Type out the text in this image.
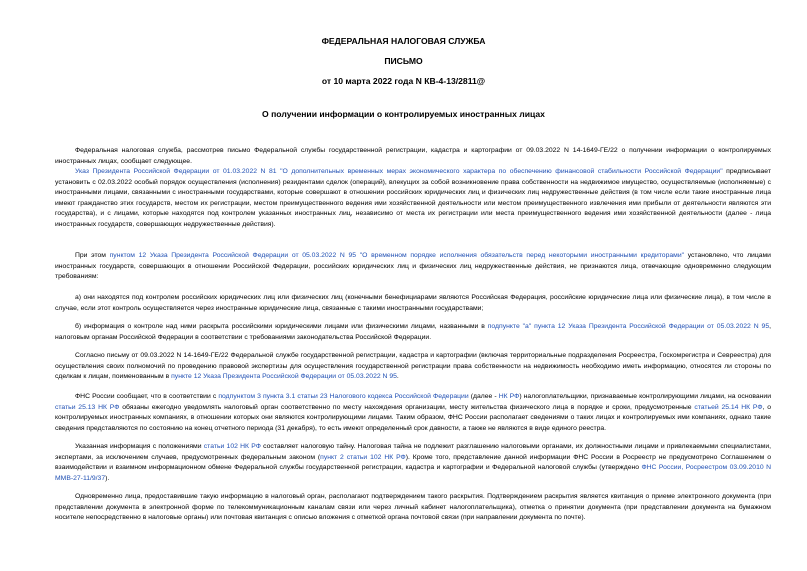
ФЕДЕРАЛЬНАЯ НАЛОГОВАЯ СЛУЖБА
ПИСЬМО
от 10 марта 2022 года N КВ-4-13/2811@
О получении информации о контролируемых иностранных лицах
Федеральная налоговая служба, рассмотрев письмо Федеральной службы государственной регистрации, кадастра и картографии от 09.03.2022 N 14-1649-ГЕ/22 о получении информации о контролируемых иностранных лицах, сообщает следующее.
Указ Президента Российской Федерации от 01.03.2022 N 81 "О дополнительных временных мерах экономического характера по обеспечению финансовой стабильности Российской Федерации" предписывает установить с 02.03.2022 особый порядок осуществления (исполнения) резидентами сделок (операций), влекущих за собой возникновение права собственности на недвижимое имущество, осуществляемые (исполняемые) с иностранными лицами, связанными с иностранными государствами, которые совершают в отношении российских юридических лиц и физических лиц недружественные действия (в том числе если такие иностранные лица имеют гражданство этих государств, местом их регистрации, местом преимущественного ведения ими хозяйственной деятельности или местом преимущественного извлечения ими прибыли от деятельности являются эти государства), и с лицами, которые находятся под контролем указанных иностранных лиц, независимо от места их регистрации или места преимущественного ведения ими хозяйственной деятельности (далее - лица иностранных государств, совершающих недружественные действия).
При этом пунктом 12 Указа Президента Российской Федерации от 05.03.2022 N 95 "О временном порядке исполнения обязательств перед некоторыми иностранными кредиторами" установлено, что лицами иностранных государств, совершающих в отношении Российской Федерации, российских юридических лиц и физических лиц недружественные действия, не признаются лица, отвечающие одновременно следующим требованиям:
а) они находятся под контролем российских юридических лиц или физических лиц (конечными бенефициарами являются Российская Федерация, российские юридические лица или физические лица), в том числе в случае, если этот контроль осуществляется через иностранные юридические лица, связанные с такими иностранными государствами;
б) информация о контроле над ними раскрыта российскими юридическими лицами или физическими лицами, названными в подпункте "а" пункта 12 Указа Президента Российской Федерации от 05.03.2022 N 95, налоговым органам Российской Федерации в соответствии с требованиями законодательства Российской Федерации.
Согласно письму от 09.03.2022 N 14-1649-ГЕ/22 Федеральной службе государственной регистрации, кадастра и картографии (включая территориальные подразделения Росреестра, Госкомрегистра и Севреестра) для осуществления своих полномочий по проведению правовой экспертизы для осуществления государственной регистрации права собственности на недвижимость необходимо иметь информацию, относятся ли стороны по сделкам к лицам, поименованным в пункте 12 Указа Президента Российской Федерации от 05.03.2022 N 95.
ФНС России сообщает, что в соответствии с подпунктом 3 пункта 3.1 статьи 23 Налогового кодекса Российской Федерации (далее - НК РФ) налогоплательщики, признаваемые контролирующими лицами, на основании статьи 25.13 НК РФ обязаны ежегодно уведомлять налоговый орган соответственно по месту нахождения организации, месту жительства физического лица в порядке и сроки, предусмотренные статьей 25.14 НК РФ, о контролируемых иностранных компаниях, в отношении которых они являются контролирующими лицами. Таким образом, ФНС России располагает сведениями о таких лицах и контролируемых ими компаниях, однако такие сведения представляются по состоянию на конец отчетного периода (31 декабря), то есть имеют определенный срок давности, а также не являются в виде единого реестра.
Указанная информация с положениями статьи 102 НК РФ составляет налоговую тайну. Налоговая тайна не подлежит разглашению налоговыми органами, их должностными лицами и привлекаемыми специалистами, экспертами, за исключением случаев, предусмотренных федеральным законом (пункт 2 статьи 102 НК РФ). Кроме того, представление данной информации ФНС России в Росреестр не предусмотрено Соглашением о взаимодействии и взаимном информационном обмене Федеральной службы государственной регистрации, кадастра и картографии и Федеральной налоговой службы (утверждено ФНС России, Росреестром 03.09.2010 N ММВ-27-11/9/37).
Одновременно лица, предоставившие такую информацию в налоговый орган, располагают подтверждением такого раскрытия. Подтверждением раскрытия является квитанция о приеме электронного документа (при представлении документа в электронной форме по телекоммуникационным каналам связи или через личный кабинет налогоплательщика), отметка о принятии документа (при представлении документа на бумажном носителе непосредственно в налоговые органы) или почтовая квитанция с описью вложения с отметкой органа почтовой связи (при направлении документа по почте).
